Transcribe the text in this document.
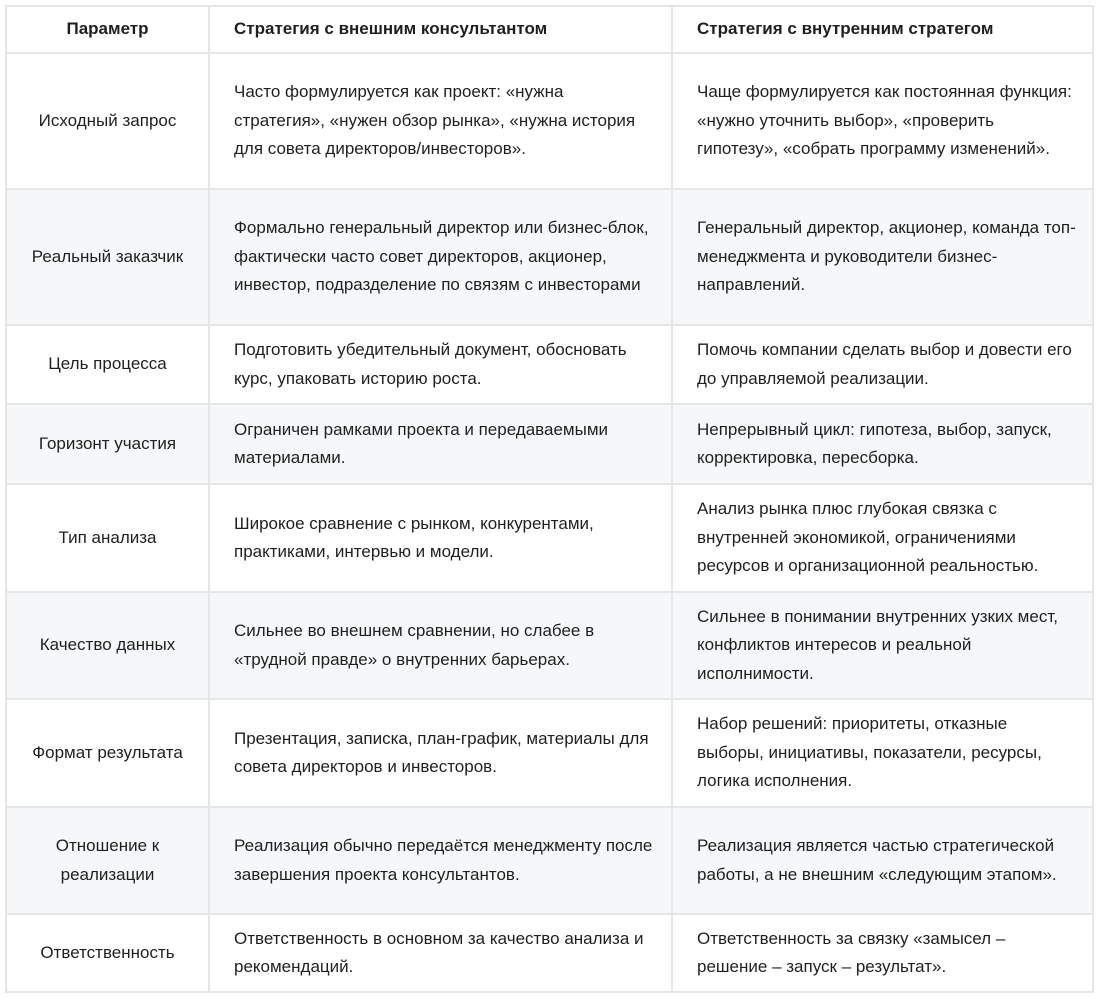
Параметр	Стратегия с внешним консультантом	Стратегия с внутренним стратегом
Исходный запрос	Часто формулируется как проект: «нужна стратегия», «нужен обзор рынка», «нужна история для совета директоров/инвесторов».	Чаще формулируется как постоянная функция: «нужно уточнить выбор», «проверить гипотезу», «собрать программу изменений».
Реальный заказчик	Формально генеральный директор или бизнес-блок, фактически часто совет директоров, акционер, инвестор, подразделение по связям с инвесторами	Генеральный директор, акционер, команда топ-менеджмента и руководители бизнес-направлений.
Цель процесса	Подготовить убедительный документ, обосновать курс, упаковать историю роста.	Помочь компании сделать выбор и довести его до управляемой реализации.
Горизонт участия	Ограничен рамками проекта и передаваемыми материалами.	Непрерывный цикл: гипотеза, выбор, запуск, корректировка, пересборка.
Тип анализа	Широкое сравнение с рынком, конкурентами, практиками, интервью и модели.	Анализ рынка плюс глубокая связка с внутренней экономикой, ограничениями ресурсов и организационной реальностью.
Качество данных	Сильнее во внешнем сравнении, но слабее в «трудной правде» о внутренних барьерах.	Сильнее в понимании внутренних узких мест, конфликтов интересов и реальной исполнимости.
Формат результата	Презентация, записка, план-график, материалы для совета директоров и инвесторов.	Набор решений: приоритеты, отказные выборы, инициативы, показатели, ресурсы, логика исполнения.
Отношение к реализации	Реализация обычно передаётся менеджменту после завершения проекта консультантов.	Реализация является частью стратегической работы, а не внешним «следующим этапом».
Ответственность	Ответственность в основном за качество анализа и рекомендаций.	Ответственность за связку «замысел – решение – запуск – результат».
